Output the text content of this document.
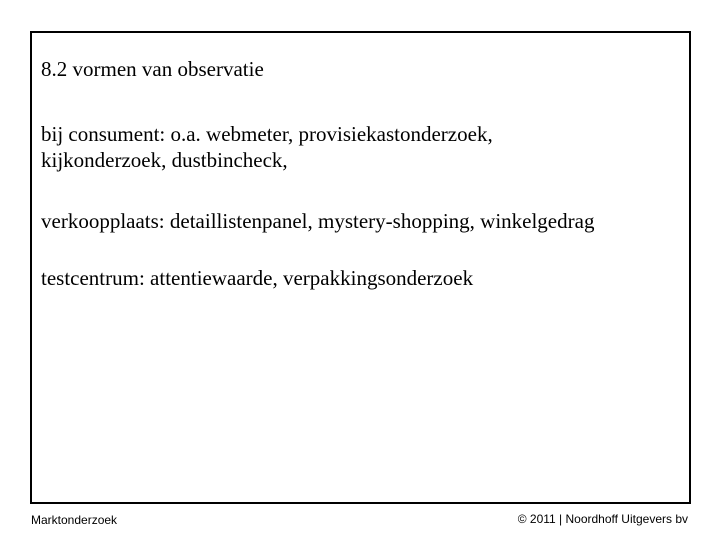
8.2 vormen van observatie
bij consument: o.a. webmeter, provisiekastonderzoek,
kijkonderzoek, dustbincheck,
verkoopplaats: detaillistenpanel, mystery-shopping, winkelgedrag
testcentrum: attentiewaarde, verpakkingsonderzoek
Marktonderzoek	© 2011 | Noordhoff Uitgevers bv
